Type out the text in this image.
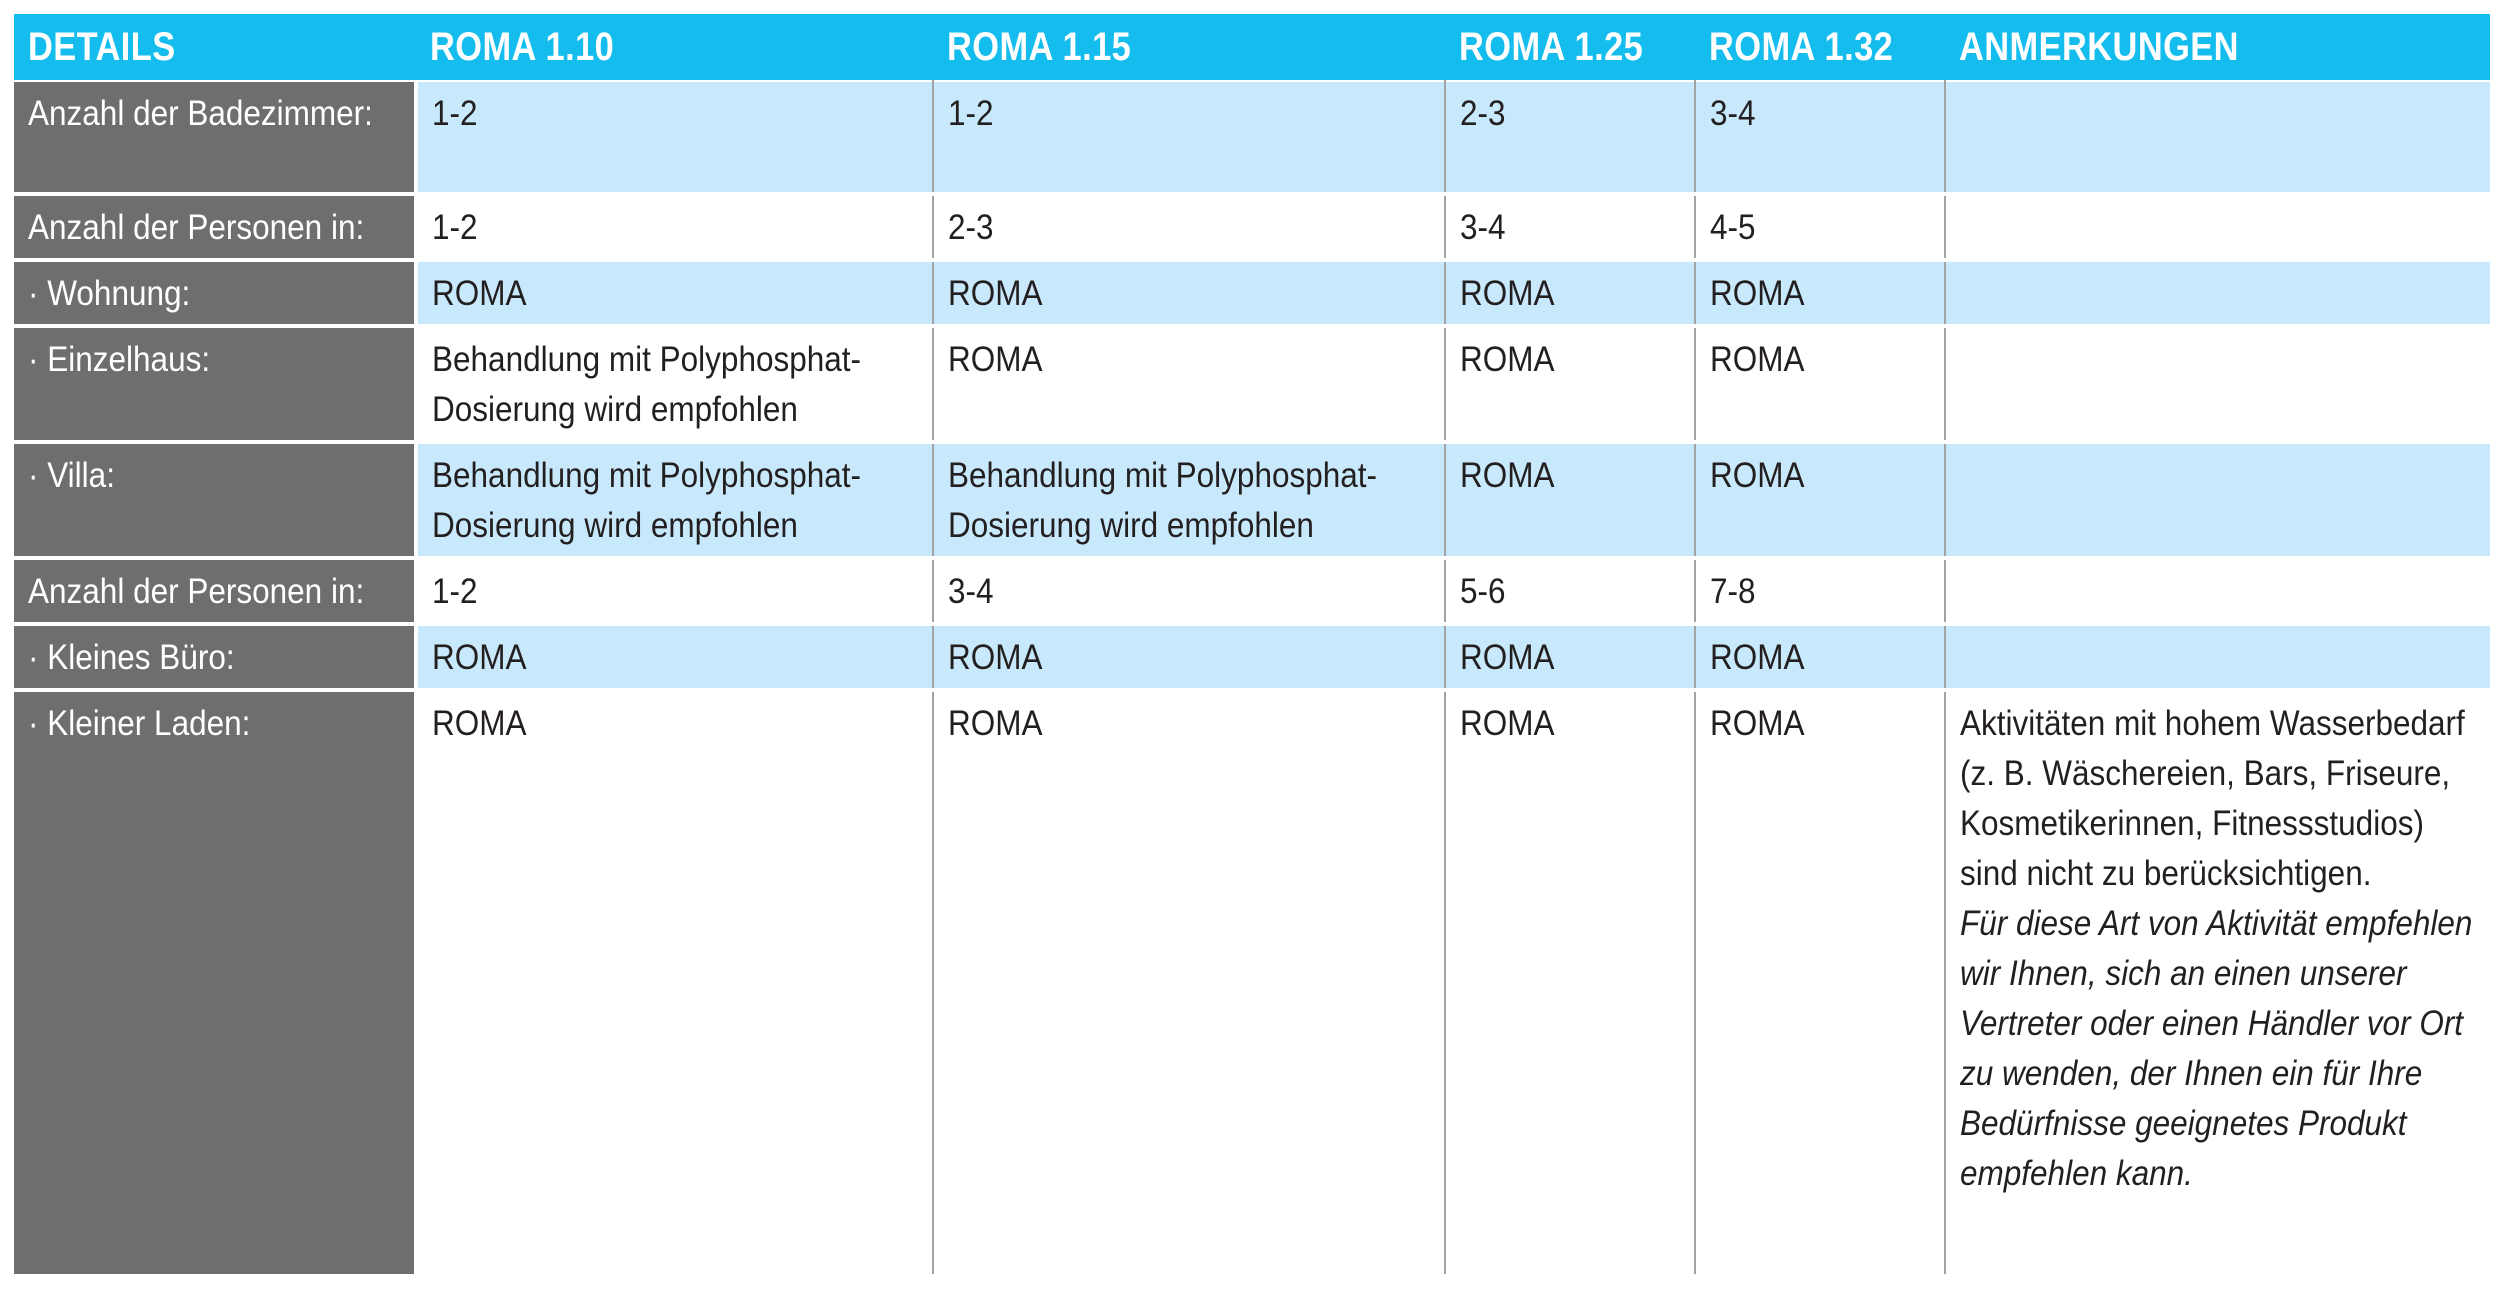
DETAILS	ROMA 1.10	ROMA 1.15	ROMA 1.25	ROMA 1.32	ANMERKUNGEN
Anzahl der Badezimmer:	1-2	1-2	2-3	3-4	
Anzahl der Personen in:	1-2	2-3	3-4	4-5	
· Wohnung:	ROMA	ROMA	ROMA	ROMA	
· Einzelhaus:	Behandlung mit Polyphosphat-Dosierung wird empfohlen	ROMA	ROMA	ROMA	
· Villa:	Behandlung mit Polyphosphat-Dosierung wird empfohlen	Behandlung mit Polyphosphat-Dosierung wird empfohlen	ROMA	ROMA	
Anzahl der Personen in:	1-2	3-4	5-6	7-8	
· Kleines Büro:	ROMA	ROMA	ROMA	ROMA	
· Kleiner Laden:	ROMA	ROMA	ROMA	ROMA	Aktivitäten mit hohem Wasserbedarf (z. B. Wäschereien, Bars, Friseure, Kosmetikerinnen, Fitnessstudios) sind nicht zu berücksichtigen. Für diese Art von Aktivität empfehlen wir Ihnen, sich an einen unserer Vertreter oder einen Händler vor Ort zu wenden, der Ihnen ein für Ihre Bedürfnisse geeignetes Produkt empfehlen kann.
